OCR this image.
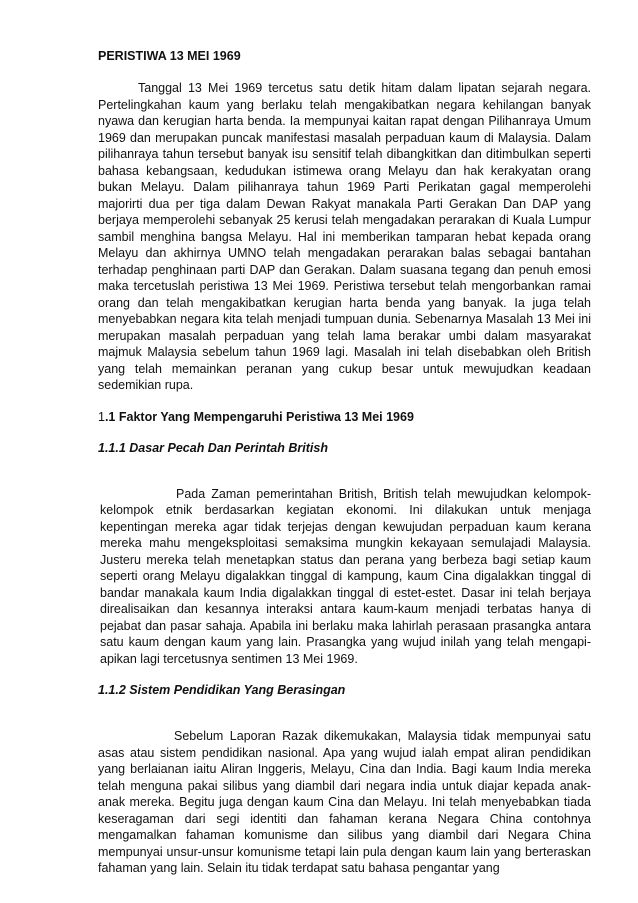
PERISTIWA 13 MEI 1969

Tanggal 13 Mei 1969 tercetus satu detik hitam dalam lipatan sejarah negara. Pertelingkahan kaum yang berlaku telah mengakibatkan negara kehilangan banyak nyawa dan kerugian harta benda. Ia mempunyai kaitan rapat dengan Pilihanraya Umum 1969 dan merupakan puncak manifestasi masalah perpaduan kaum di Malaysia. Dalam pilihanraya tahun tersebut banyak isu sensitif telah dibangkitkan dan ditimbulkan seperti bahasa kebangsaan, kedudukan istimewa orang Melayu dan hak kerakyatan orang bukan Melayu. Dalam pilihanraya tahun 1969 Parti Perikatan gagal memperolehi majorirti dua per tiga dalam Dewan Rakyat manakala Parti Gerakan Dan DAP yang berjaya memperolehi sebanyak 25 kerusi telah mengadakan perarakan di Kuala Lumpur sambil menghina bangsa Melayu. Hal ini memberikan tamparan hebat kepada orang Melayu dan akhirnya UMNO telah mengadakan perarakan balas sebagai bantahan terhadap penghinaan parti DAP dan Gerakan. Dalam suasana tegang dan penuh emosi maka tercetuslah peristiwa 13 Mei 1969. Peristiwa tersebut telah mengorbankan ramai orang dan telah mengakibatkan kerugian harta benda yang banyak. Ia juga telah menyebabkan negara kita telah menjadi tumpuan dunia. Sebenarnya Masalah 13 Mei ini merupakan masalah perpaduan yang telah lama berakar umbi dalam masyarakat majmuk Malaysia sebelum tahun 1969 lagi. Masalah ini telah disebabkan oleh British yang telah memainkan peranan yang cukup besar untuk mewujudkan keadaan sedemikian rupa.

1.1 Faktor Yang Mempengaruhi Peristiwa 13 Mei 1969
1.1.1 Dasar Pecah Dan Perintah British

Pada Zaman pemerintahan British, British telah mewujudkan kelompok-kelompok etnik berdasarkan kegiatan ekonomi. Ini dilakukan untuk menjaga kepentingan mereka agar tidak terjejas dengan kewujudan perpaduan kaum kerana mereka mahu mengeksploitasi semaksima mungkin kekayaan semulajadi Malaysia. Justeru mereka telah menetapkan status dan perana yang berbeza bagi setiap kaum seperti orang Melayu digalakkan tinggal di kampung, kaum Cina digalakkan tinggal di bandar manakala kaum India digalakkan tinggal di estet-estet. Dasar ini telah berjaya direalisaikan dan kesannya interaksi antara kaum-kaum menjadi terbatas hanya di pejabat dan pasar sahaja. Apabila ini berlaku maka lahirlah perasaan prasangka antara satu kaum dengan kaum yang lain. Prasangka yang wujud inilah yang telah mengapi-apikan lagi tercetusnya sentimen 13 Mei 1969.

1.1.2 Sistem Pendidikan Yang Berasingan

Sebelum Laporan Razak dikemukakan, Malaysia tidak mempunyai satu asas atau sistem pendidikan nasional. Apa yang wujud ialah empat aliran pendidikan yang berlaianan iaitu Aliran Inggeris, Melayu, Cina dan India. Bagi kaum India mereka telah menguna pakai silibus yang diambil dari negara india untuk diajar kepada anak-anak mereka. Begitu juga dengan kaum Cina dan Melayu. Ini telah menyebabkan tiada keseragaman dari segi identiti dan fahaman kerana Negara China contohnya mengamalkan fahaman komunisme dan silibus yang diambil dari Negara China mempunyai unsur-unsur komunisme tetapi lain pula dengan kaum lain yang berteraskan fahaman yang lain. Selain itu tidak terdapat satu bahasa pengantar yang
